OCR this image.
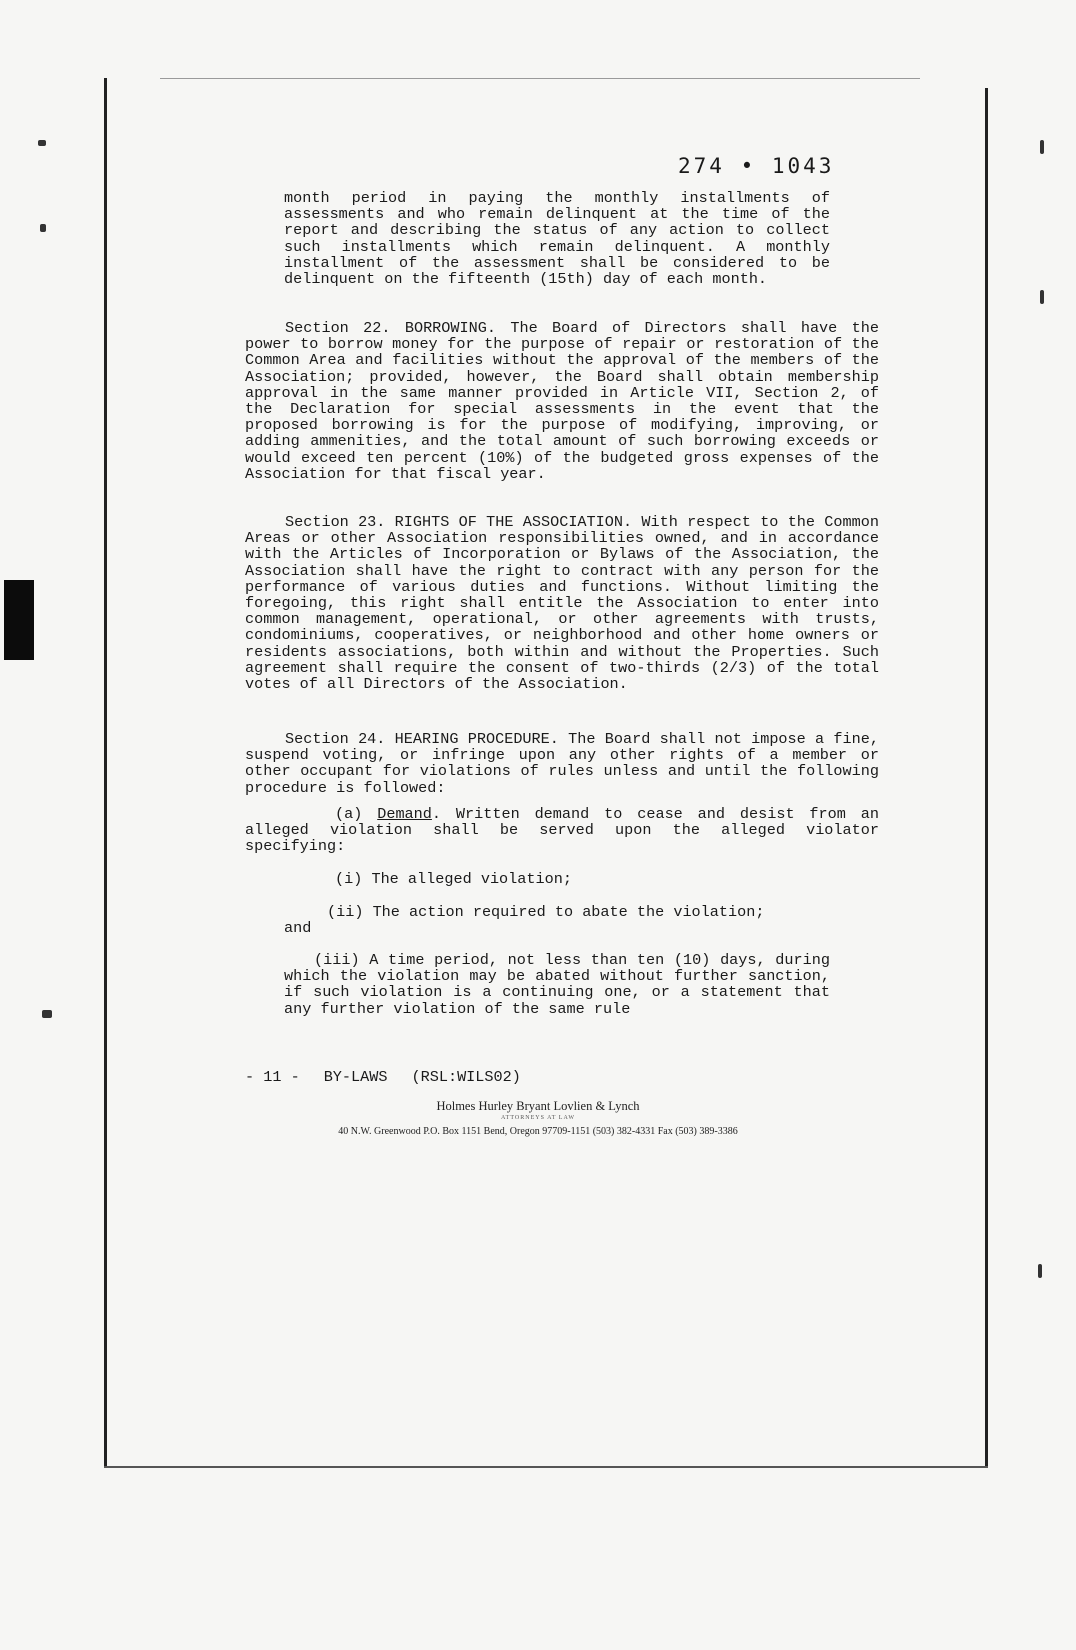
274 • 1043

month period in paying the monthly installments of assessments and who remain delinquent at the time of the report and describing the status of any action to collect such installments which remain delinquent. A monthly installment of the assessment shall be considered to be delinquent on the fifteenth (15th) day of each month.

Section 22. BORROWING. The Board of Directors shall have the power to borrow money for the purpose of repair or restoration of the Common Area and facilities without the approval of the members of the Association; provided, however, the Board shall obtain membership approval in the same manner provided in Article VII, Section 2, of the Declaration for special assessments in the event that the proposed borrowing is for the purpose of modifying, improving, or adding ammenities, and the total amount of such borrowing exceeds or would exceed ten percent (10%) of the budgeted gross expenses of the Association for that fiscal year.

Section 23. RIGHTS OF THE ASSOCIATION. With respect to the Common Areas or other Association responsibilities owned, and in accordance with the Articles of Incorporation or Bylaws of the Association, the Association shall have the right to contract with any person for the performance of various duties and functions. Without limiting the foregoing, this right shall entitle the Association to enter into common management, operational, or other agreements with trusts, condominiums, cooperatives, or neighborhood and other home owners or residents associations, both within and without the Properties. Such agreement shall require the consent of two-thirds (2/3) of the total votes of all Directors of the Association.

Section 24. HEARING PROCEDURE. The Board shall not impose a fine, suspend voting, or infringe upon any other rights of a member or other occupant for violations of rules unless and until the following procedure is followed:

(a) Demand. Written demand to cease and desist from an alleged violation shall be served upon the alleged violator specifying:

(i) The alleged violation;

(ii) The action required to abate the violation;

and

(iii) A time period, not less than ten (10) days, during which the violation may be abated without further sanction, if such violation is a continuing one, or a statement that any further violation of the same rule

- 11 - BY-LAWS (RSL:WILS02)

Holmes Hurley Bryant Lovlien & Lynch

ATTORNEYS AT LAW

40 N.W. Greenwood P.O. Box 1151 Bend, Oregon 97709-1151 (503) 382-4331 Fax (503) 389-3386
